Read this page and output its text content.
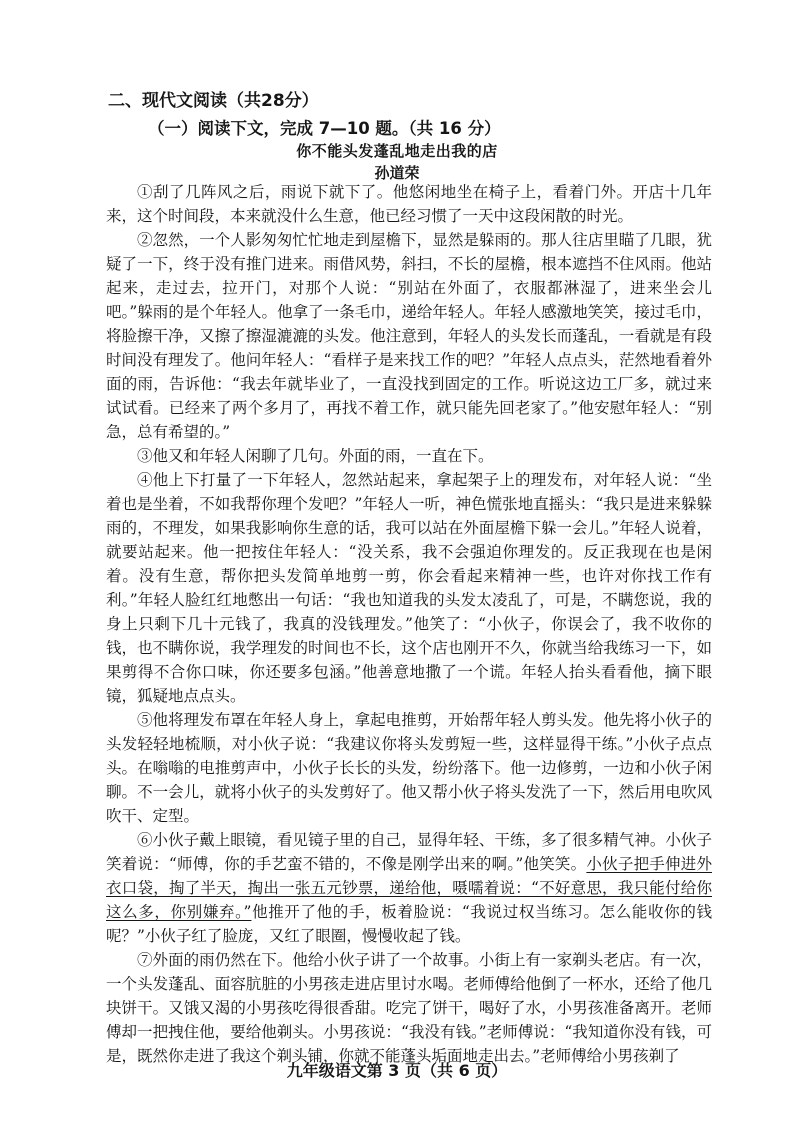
二、现代文阅读（共28分）
（一）阅读下文，完成 7—10 题。（共 16 分）
你不能头发蓬乱地走出我的店
孙道荣

①刮了几阵风之后，雨说下就下了。他悠闲地坐在椅子上，看着门外。开店十几年来，这个时间段，本来就没什么生意，他已经习惯了一天中这段闲散的时光。

②忽然，一个人影匆匆忙忙地走到屋檐下，显然是躲雨的。那人往店里瞄了几眼，犹疑了一下，终于没有推门进来。雨借风势，斜扫，不长的屋檐，根本遮挡不住风雨。他站起来，走过去，拉开门，对那个人说：“别站在外面了，衣服都淋湿了，进来坐会儿吧。”躲雨的是个年轻人。他拿了一条毛巾，递给年轻人。年轻人感激地笑笑，接过毛巾，将脸擦干净，又擦了擦湿漉漉的头发。他注意到，年轻人的头发长而蓬乱，一看就是有段时间没有理发了。他问年轻人：“看样子是来找工作的吧？”年轻人点点头，茫然地看着外面的雨，告诉他：“我去年就毕业了，一直没找到固定的工作。听说这边工厂多，就过来试试看。已经来了两个多月了，再找不着工作，就只能先回老家了。”他安慰年轻人：“别急，总有希望的。”

③他又和年轻人闲聊了几句。外面的雨，一直在下。

④他上下打量了一下年轻人，忽然站起来，拿起架子上的理发布，对年轻人说：“坐着也是坐着，不如我帮你理个发吧？”年轻人一听，神色慌张地直摇头：“我只是进来躲躲雨的，不理发，如果我影响你生意的话，我可以站在外面屋檐下躲一会儿。”年轻人说着，就要站起来。他一把按住年轻人：“没关系，我不会强迫你理发的。反正我现在也是闲着。没有生意，帮你把头发简单地剪一剪，你会看起来精神一些，也许对你找工作有利。”年轻人脸红红地憋出一句话：“我也知道我的头发太凌乱了，可是，不瞒您说，我的身上只剩下几十元钱了，我真的没钱理发。”他笑了：“小伙子，你误会了，我不收你的钱，也不瞒你说，我学理发的时间也不长，这个店也刚开不久，你就当给我练习一下，如果剪得不合你口味，你还要多包涵。”他善意地撒了一个谎。年轻人抬头看看他，摘下眼镜，狐疑地点点头。

⑤他将理发布罩在年轻人身上，拿起电推剪，开始帮年轻人剪头发。他先将小伙子的头发轻轻地梳顺，对小伙子说：“我建议你将头发剪短一些，这样显得干练。”小伙子点点头。在嗡嗡的电推剪声中，小伙子长长的头发，纷纷落下。他一边修剪，一边和小伙子闲聊。不一会儿，就将小伙子的头发剪好了。他又帮小伙子将头发洗了一下，然后用电吹风吹干、定型。

⑥小伙子戴上眼镜，看见镜子里的自己，显得年轻、干练，多了很多精气神。小伙子笑着说：“师傅，你的手艺蛮不错的，不像是刚学出来的啊。”他笑笑。小伙子把手伸进外衣口袋，掏了半天，掏出一张五元钞票，递给他，嗫嚅着说：“不好意思，我只能付给你这么多，你别嫌弃。”他推开了他的手，板着脸说：“我说过权当练习。怎么能收你的钱呢？”小伙子红了脸庞，又红了眼圈，慢慢收起了钱。

⑦外面的雨仍然在下。他给小伙子讲了一个故事。小街上有一家剃头老店。有一次，一个头发蓬乱、面容肮脏的小男孩走进店里讨水喝。老师傅给他倒了一杯水，还给了他几块饼干。又饿又渴的小男孩吃得很香甜。吃完了饼干，喝好了水，小男孩准备离开。老师傅却一把拽住他，要给他剃头。小男孩说：“我没有钱。”老师傅说：“我知道你没有钱，可是，既然你走进了我这个剃头铺，你就不能蓬头垢面地走出去。”老师傅给小男孩剃了

九年级语文第 3 页（共 6 页）
